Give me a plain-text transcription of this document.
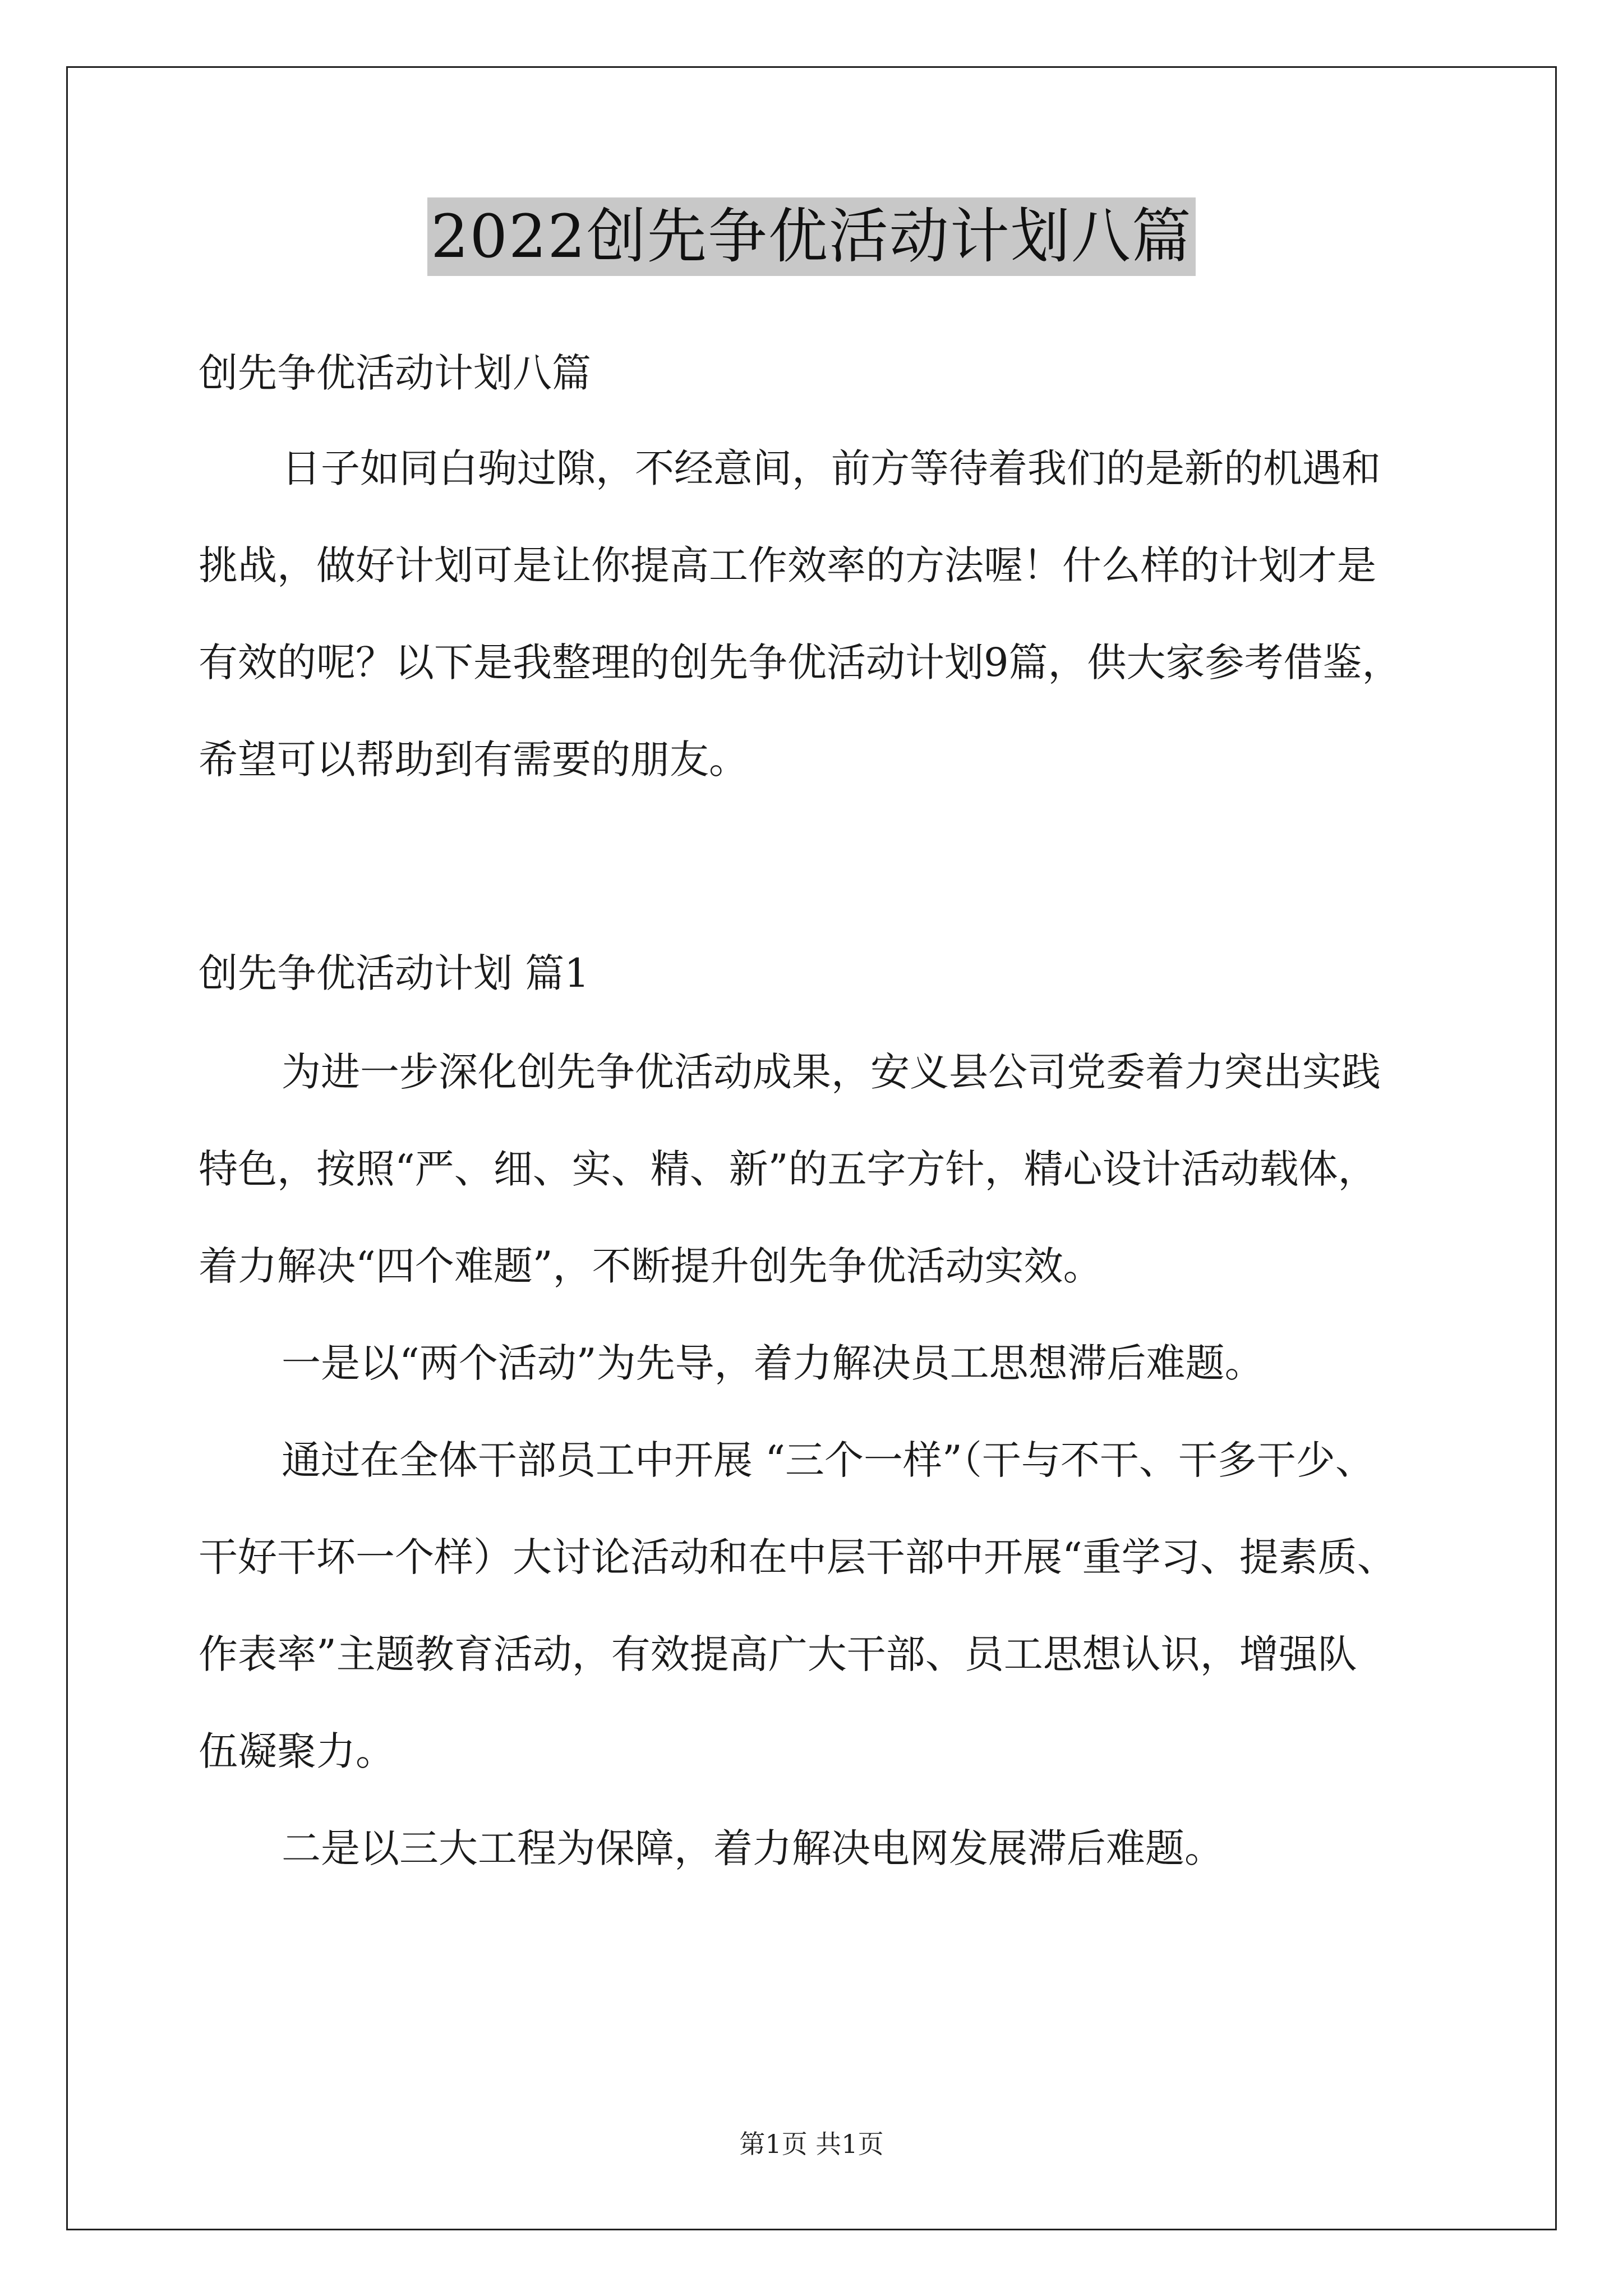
2022创先争优活动计划八篇
创先争优活动计划八篇
日子如同白驹过隙，不经意间，前方等待着我们的是新的机遇和
挑战，做好计划可是让你提高工作效率的方法喔！什么样的计划才是
有效的呢？以下是我整理的创先争优活动计划9篇，供大家参考借鉴，
希望可以帮助到有需要的朋友。
创先争优活动计划 篇1
为进一步深化创先争优活动成果，安义县公司党委着力突出实践
特色，按照“严、细、实、精、新”的五字方针，精心设计活动载体，
着力解决“四个难题”，不断提升创先争优活动实效。
一是以“两个活动”为先导，着力解决员工思想滞后难题。
通过在全体干部员工中开展 “三个一样”（干与不干、干多干少、
干好干坏一个样）大讨论活动和在中层干部中开展“重学习、提素质、
作表率”主题教育活动，有效提高广大干部、员工思想认识，增强队
伍凝聚力。
二是以三大工程为保障，着力解决电网发展滞后难题。
第1页 共1页
